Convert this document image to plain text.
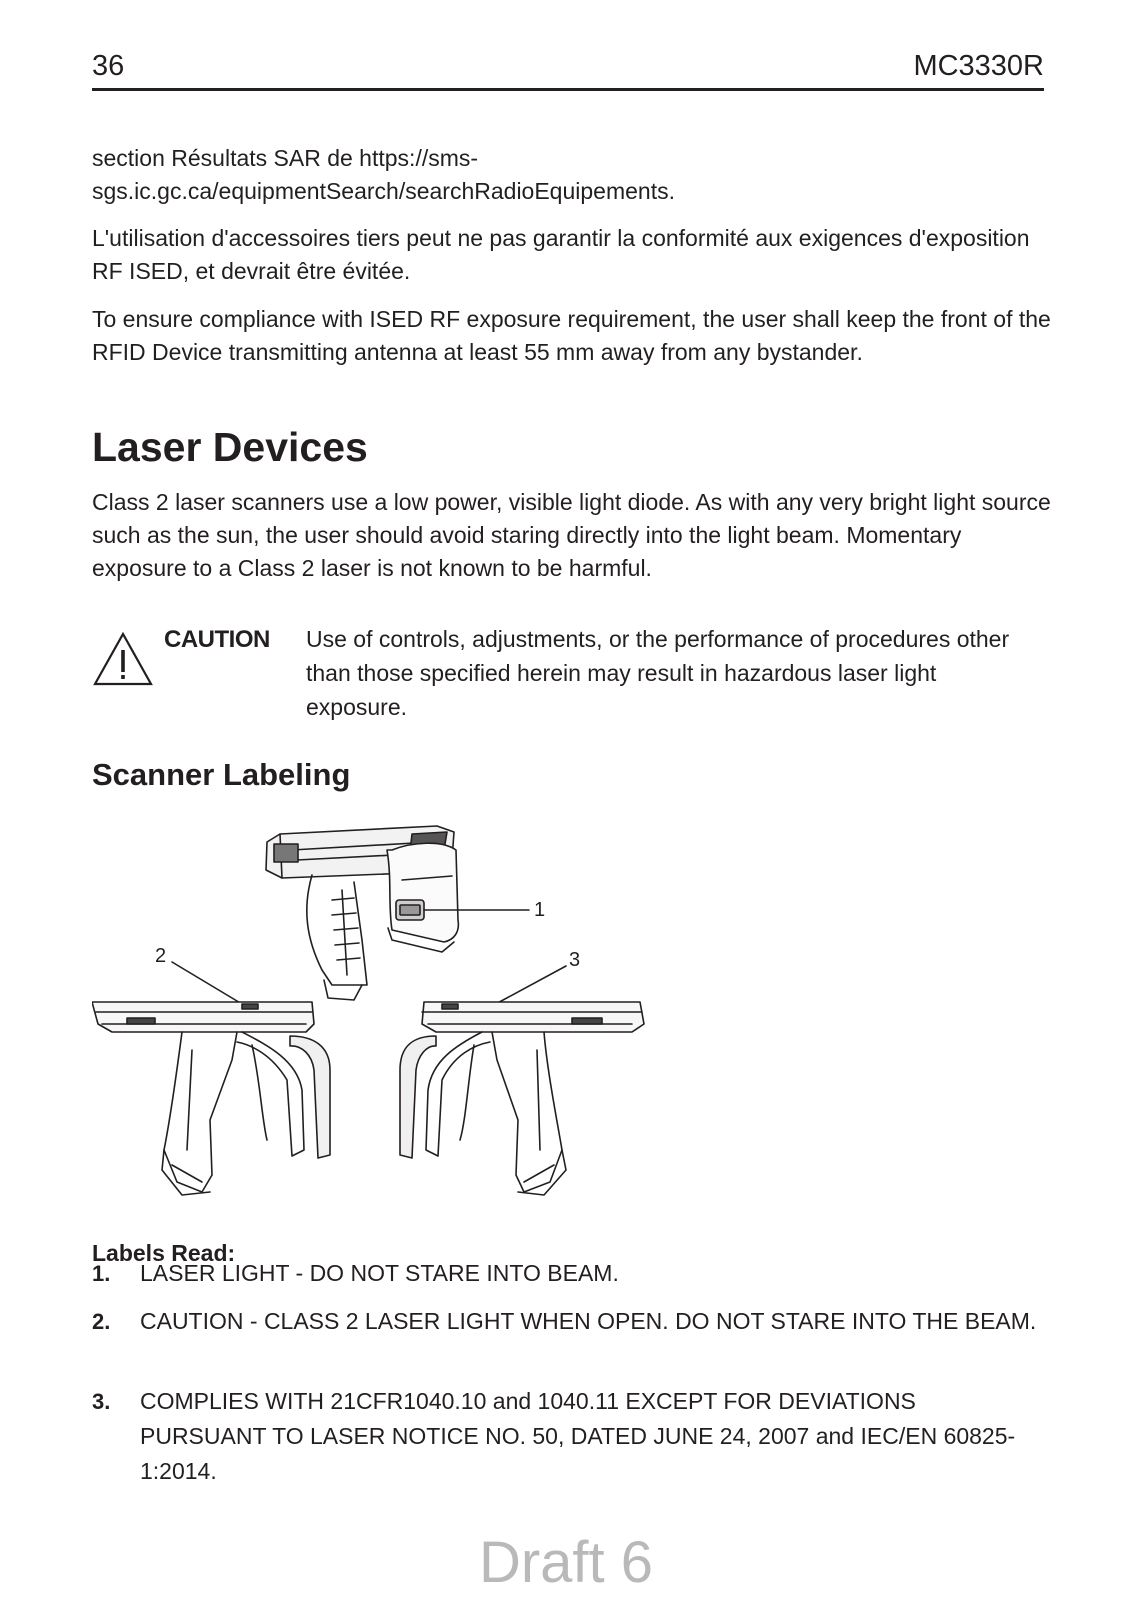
36	MC3330R

section Résultats SAR de https://sms-sgs.ic.gc.ca/equipmentSearch/searchRadioEquipements.

L'utilisation d'accessoires tiers peut ne pas garantir la conformité aux exigences d'exposition RF ISED, et devrait être évitée.

To ensure compliance with ISED RF exposure requirement, the user shall keep the front of the RFID Device transmitting antenna at least 55 mm away from any bystander.

Laser Devices

Class 2 laser scanners use a low power, visible light diode. As with any very bright light source such as the sun, the user should avoid staring directly into the light beam. Momentary exposure to a Class 2 laser is not known to be harmful.

CAUTION Use of controls, adjustments, or the performance of procedures other than those specified herein may result in hazardous laser light exposure.
Scanner Labeling
1
2	3
Labels Read:
1. LASER LIGHT - DO NOT STARE INTO BEAM.
2. CAUTION - CLASS 2 LASER LIGHT WHEN OPEN. DO NOT STARE INTO THE BEAM.
3. COMPLIES WITH 21CFR1040.10 and 1040.11 EXCEPT FOR DEVIATIONS PURSUANT TO LASER NOTICE NO. 50, DATED JUNE 24, 2007 and IEC/EN 60825-1:2014.
Draft 6
